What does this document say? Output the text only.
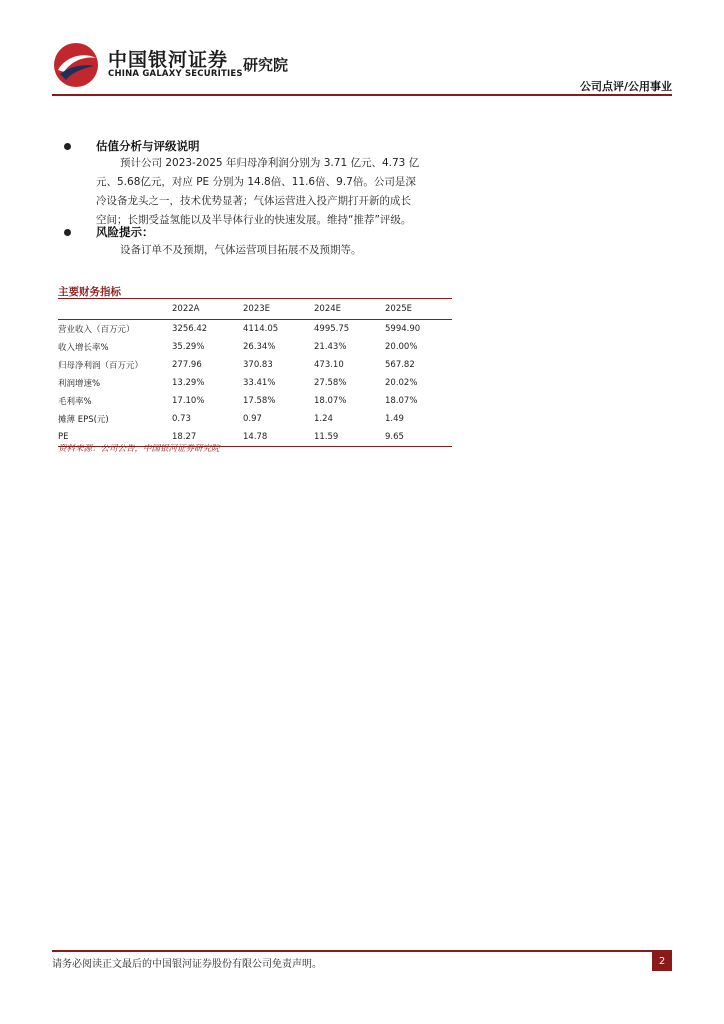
中国银河证券
CHINA GALAXY SECURITIES 研究院
公司点评/公用事业
估值分析与评级说明
预计公司 2023-2025 年归母净利润分别为 3.71 亿元、4.73 亿
元、5.68亿元，对应 PE 分别为 14.8倍、11.6倍、9.7倍。公司是深
冷设备龙头之一，技术优势显著；气体运营进入投产期打开新的成长
空间；长期受益氢能以及半导体行业的快速发展。维持“推荐”评级。
风险提示：
设备订单不及预期，气体运营项目拓展不及预期等。
主要财务指标
	2022A	2023E	2024E	2025E
营业收入（百万元）	3256.42	4114.05	4995.75	5994.90
收入增长率%	35.29%	26.34%	21.43%	20.00%
归母净利润（百万元）	277.96	370.83	473.10	567.82
利润增速%	13.29%	33.41%	27.58%	20.02%
毛利率%	17.10%	17.58%	18.07%	18.07%
摊薄 EPS(元)	0.73	0.97	1.24	1.49
PE	18.27	14.78	11.59	9.65
资料来源：公司公告，中国银河证券研究院
请务必阅读正文最后的中国银河证券股份有限公司免责声明。	2
